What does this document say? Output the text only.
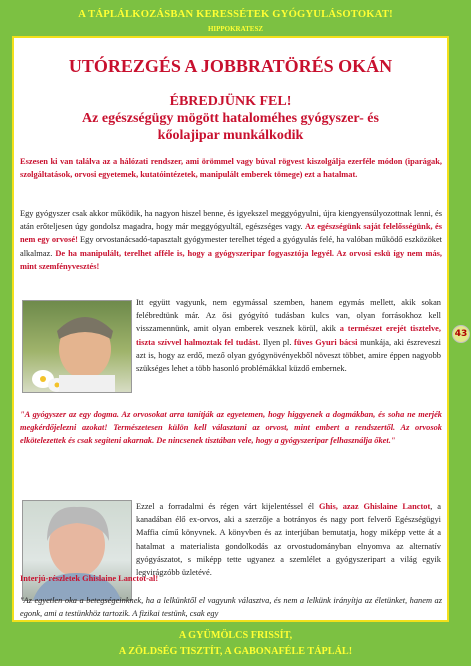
A TÁPLÁLKOZÁSBAN KERESSÉTEK GYÓGYULÁSOTOKAT!
HIPPOKRATESZ
UTÓREZGÉS A JOBBRATÖRÉS OKÁN
ÉBREDJÜNK FEL!
Az egészségügy mögött hataloméhes gyógyszer- és kőolajipar munkálkodik
Eszesen ki van találva az a hálózati rendszer, ami örömmel vagy búval rögvest kiszolgálja ezerféle módon (iparágak, szolgáltatások, orvosi egyetemek, kutatóintézetek, manipulált emberek tömege) ezt a hatalmat.
Egy gyógyszer csak akkor működik, ha nagyon hiszel benne, és igyekszel meggyógyulni, újra kiengyensúlyozottnak lenni, és atán erőteljesen úgy gondolsz magadra, hogy már meggyógyultál, egészséges vagy. Az egészségünk saját felelősségünk, és nem egy orvosé! Egy orvostanácsadó-tapasztalt gyógymester terelhet téged a gyógyulás felé, ha valóban működő eszközöket alkalmaz. De ha manipulált, terelhet afféle is, hogy a gyógyszeripar fogyasztója legyél. Az orvosi eskü így nem más, mint szemfényvesztés!
Itt együtt vagyunk, nem egymással szemben, hanem egymás mellett, akik sokan felébredtünk már. Az ősi gyógyító tudásban kulcs van, olyan forrásokhoz kell visszamennünk, amit olyan emberek vesznek körül, akik a természet erejét tisztelve, tiszta szívvel halmoztak fel tudást. Ilyen pl. füves Gyuri bácsi munkája, aki észreveszi azt is, hogy az erdő, mező olyan gyógynövényekből növeszt többet, amire éppen nagyobb szükséges lehet a több hasonló problémákkal küzdő embernek.
"A gyógyszer az egy dogma. Az orvosokat arra tanítják az egyetemen, hogy higgyenek a dogmákban, és soha ne merjék megkérdőjelezni azokat! Természetesen külön kell választani az orvost, mint embert a rendszertől. Az orvosok elkötelezettek és csak segíteni akarnak. De nincsenek tisztában vele, hogy a gyógyszeripar felhasználja őket."
Ezzel a forradalmi és régen várt kijelentéssel él Ghis, azaz Ghislaine Lanctot, a kanadában élő ex-orvos, aki a szerzője a botrányos és nagy port felverő Egészségügyi Maffia című könyvnek. A könyvben és az interjúban bemutatja, hogy miképp vette át a hatalmat a materialista gondolkodás az orvostudományban elnyomva az alternatív gyógyászatot, s miképp tette ugyanez a szemlélet a gyógyszeripart a világ egyik legvirágzóbb üzletévé.
Interjú-részletek Ghislaine Lanctot-al!
"Az egyetlen oka a betegségeinknek, ha a lelkünktől el vagyunk választva, és nem a lelkünk irányítja az életünket, hanem az egonk, ami a testünkhöz tartozik. A fizikai testünk, csak egy
43
A GYÜMÖLCS FRISSÍT,
A ZÖLDSÉG TISZTÍT, A GABONAFÉLE TÁPLÁL!
